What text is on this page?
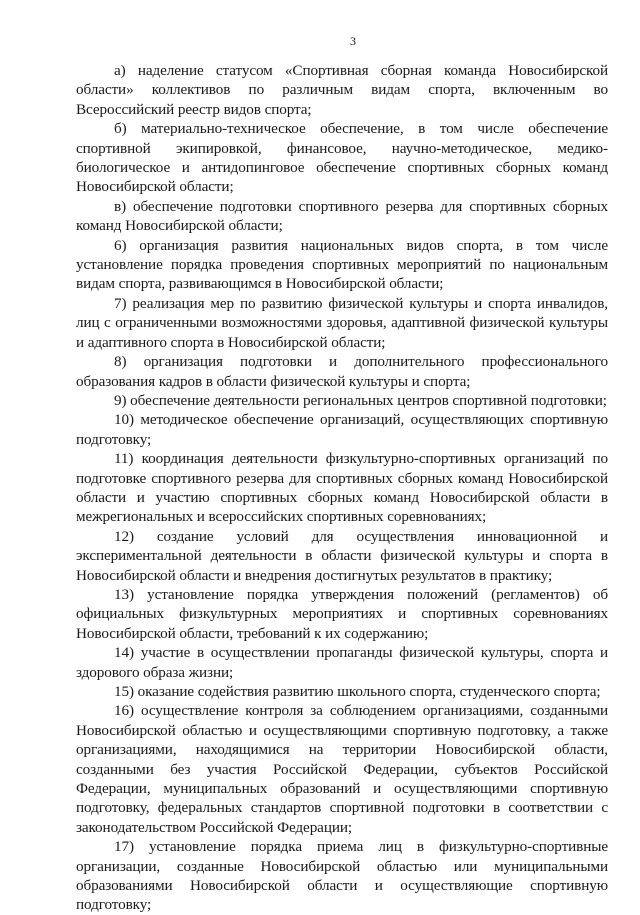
3

а) наделение статусом «Спортивная сборная команда Новосибирской области» коллективов по различным видам спорта, включенным во Всероссийский реестр видов спорта;

б) материально-техническое обеспечение, в том числе обеспечение спортивной экипировкой, финансовое, научно-методическое, медико-биологическое и антидопинговое обеспечение спортивных сборных команд Новосибирской области;

в) обеспечение подготовки спортивного резерва для спортивных сборных команд Новосибирской области;

6) организация развития национальных видов спорта, в том числе установление порядка проведения спортивных мероприятий по национальным видам спорта, развивающимся в Новосибирской области;

7) реализация мер по развитию физической культуры и спорта инвалидов, лиц с ограниченными возможностями здоровья, адаптивной физической культуры и адаптивного спорта в Новосибирской области;

8) организация подготовки и дополнительного профессионального образования кадров в области физической культуры и спорта;

9) обеспечение деятельности региональных центров спортивной подготовки;

10) методическое обеспечение организаций, осуществляющих спортивную подготовку;

11) координация деятельности физкультурно-спортивных организаций по подготовке спортивного резерва для спортивных сборных команд Новосибирской области и участию спортивных сборных команд Новосибирской области в межрегиональных и всероссийских спортивных соревнованиях;

12) создание условий для осуществления инновационной и экспериментальной деятельности в области физической культуры и спорта в Новосибирской области и внедрения достигнутых результатов в практику;

13) установление порядка утверждения положений (регламентов) об официальных физкультурных мероприятиях и спортивных соревнованиях Новосибирской области, требований к их содержанию;

14) участие в осуществлении пропаганды физической культуры, спорта и здорового образа жизни;

15) оказание содействия развитию школьного спорта, студенческого спорта;

16) осуществление контроля за соблюдением организациями, созданными Новосибирской областью и осуществляющими спортивную подготовку, а также организациями, находящимися на территории Новосибирской области, созданными без участия Российской Федерации, субъектов Российской Федерации, муниципальных образований и осуществляющими спортивную подготовку, федеральных стандартов спортивной подготовки в соответствии с законодательством Российской Федерации;

17) установление порядка приема лиц в физкультурно-спортивные организации, созданные Новосибирской областью или муниципальными образованиями Новосибирской области и осуществляющие спортивную подготовку;
